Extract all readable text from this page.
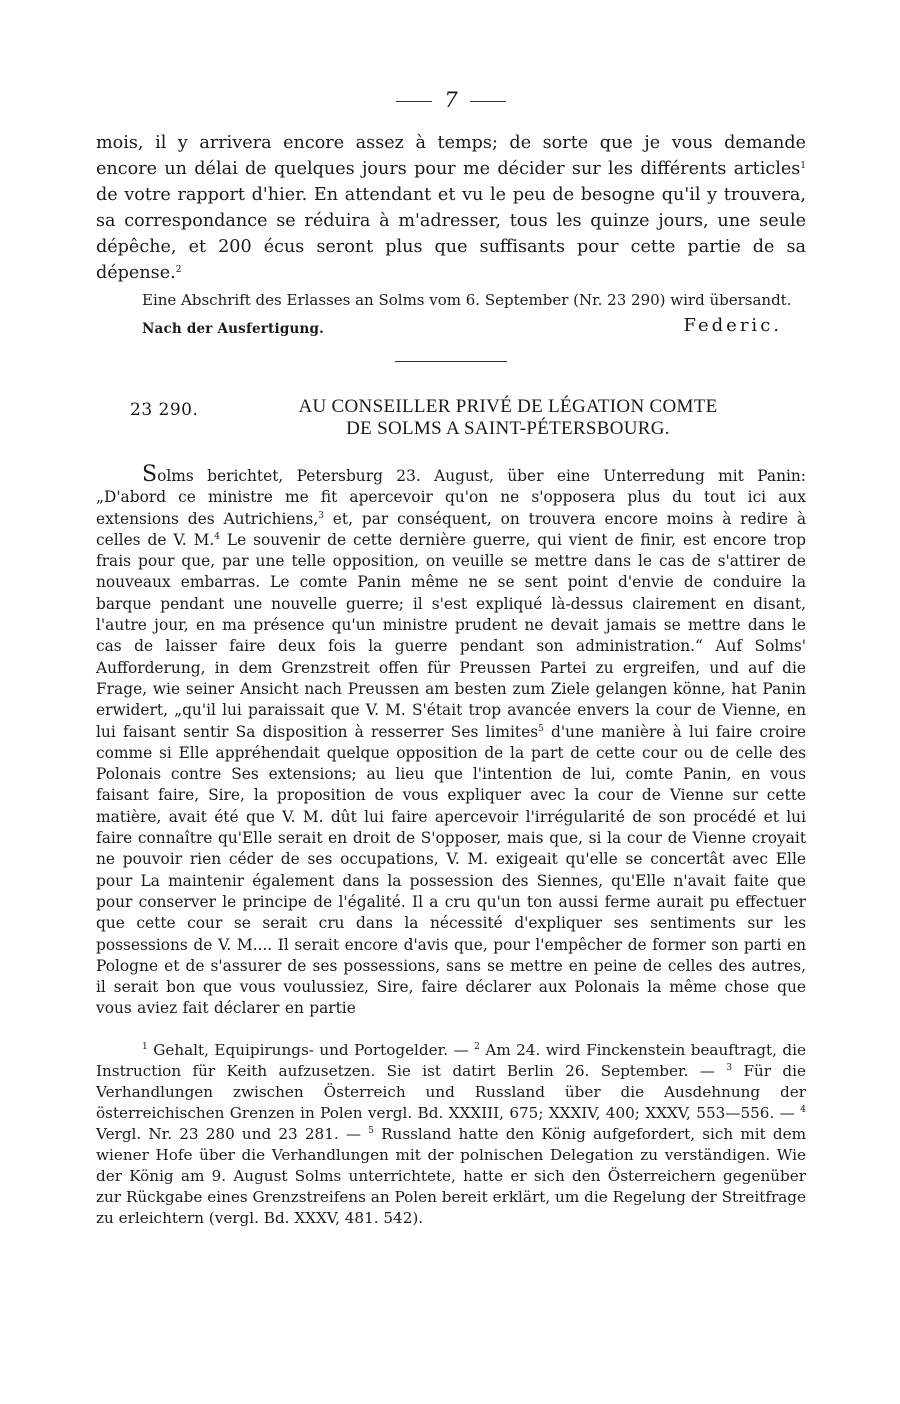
7
mois, il y arrivera encore assez à temps; de sorte que je vous demande encore un délai de quelques jours pour me décider sur les différents articles$^1$ de votre rapport d'hier. En attendant et vu le peu de besogne qu'il y trouvera, sa correspondance se réduira à m'adresser, tous les quinze jours, une seule dépêche, et 200 écus seront plus que suffisants pour cette partie de sa dépense.$^2$
Eine Abschrift des Erlasses an Solms vom 6. September (Nr. 23 290) wird übersandt.
Nach der Ausfertigung.	Federic.
23 290.	AU CONSEILLER PRIVÉ DE LÉGATION COMTE
DE SOLMS A SAINT-PÉTERSBOURG.
Solms berichtet, Petersburg 23. August, über eine Unterredung mit Panin: „D'abord ce ministre me fit apercevoir qu'on ne s'opposera plus du tout ici aux extensions des Autrichiens,$^3$ et, par conséquent, on trouvera encore moins à redire à celles de V. M.$^4$ Le souvenir de cette dernière guerre, qui vient de finir, est encore trop frais pour que, par une telle opposition, on veuille se mettre dans le cas de s'attirer de nouveaux embarras. Le comte Panin même ne se sent point d'envie de conduire la barque pendant une nouvelle guerre; il s'est expliqué là-dessus clairement en disant, l'autre jour, en ma présence qu'un ministre prudent ne devait jamais se mettre dans le cas de laisser faire deux fois la guerre pendant son administration.“ Auf Solms' Aufforderung, in dem Grenzstreit offen für Preussen Partei zu ergreifen, und auf die Frage, wie seiner Ansicht nach Preussen am besten zum Ziele gelangen könne, hat Panin erwidert, „qu'il lui paraissait que V. M. S'était trop avancée envers la cour de Vienne, en lui faisant sentir Sa disposition à resserrer Ses limites$^5$ d'une manière à lui faire croire comme si Elle appréhendait quelque opposition de la part de cette cour ou de celle des Polonais contre Ses extensions; au lieu que l'intention de lui, comte Panin, en vous faisant faire, Sire, la proposition de vous expliquer avec la cour de Vienne sur cette matière, avait été que V. M. dût lui faire apercevoir l'irrégularité de son procédé et lui faire connaître qu'Elle serait en droit de S'opposer, mais que, si la cour de Vienne croyait ne pouvoir rien céder de ses occupations, V. M. exigeait qu'elle se concertât avec Elle pour La maintenir également dans la possession des Siennes, qu'Elle n'avait faite que pour conserver le principe de l'égalité. Il a cru qu'un ton aussi ferme aurait pu effectuer que cette cour se serait cru dans la nécessité d'expliquer ses sentiments sur les possessions de V. M.... Il serait encore d'avis que, pour l'empêcher de former son parti en Pologne et de s'assurer de ses possessions, sans se mettre en peine de celles des autres, il serait bon que vous voulussiez, Sire, faire déclarer aux Polonais la même chose que vous aviez fait déclarer en partie
$^1$ Gehalt, Equipirungs- und Portogelder. — $^2$ Am 24. wird Finckenstein beauftragt, die Instruction für Keith aufzusetzen. Sie ist datirt Berlin 26. September. — $^3$ Für die Verhandlungen zwischen Österreich und Russland über die Ausdehnung der österreichischen Grenzen in Polen vergl. Bd. XXXIII, 675; XXXIV, 400; XXXV, 553—556. — $^4$ Vergl. Nr. 23 280 und 23 281. — $^5$ Russland hatte den König aufgefordert, sich mit dem wiener Hofe über die Verhandlungen mit der polnischen Delegation zu verständigen. Wie der König am 9. August Solms unterrichtete, hatte er sich den Österreichern gegenüber zur Rückgabe eines Grenzstreifens an Polen bereit erklärt, um die Regelung der Streitfrage zu erleichtern (vergl. Bd. XXXV, 481. 542).
